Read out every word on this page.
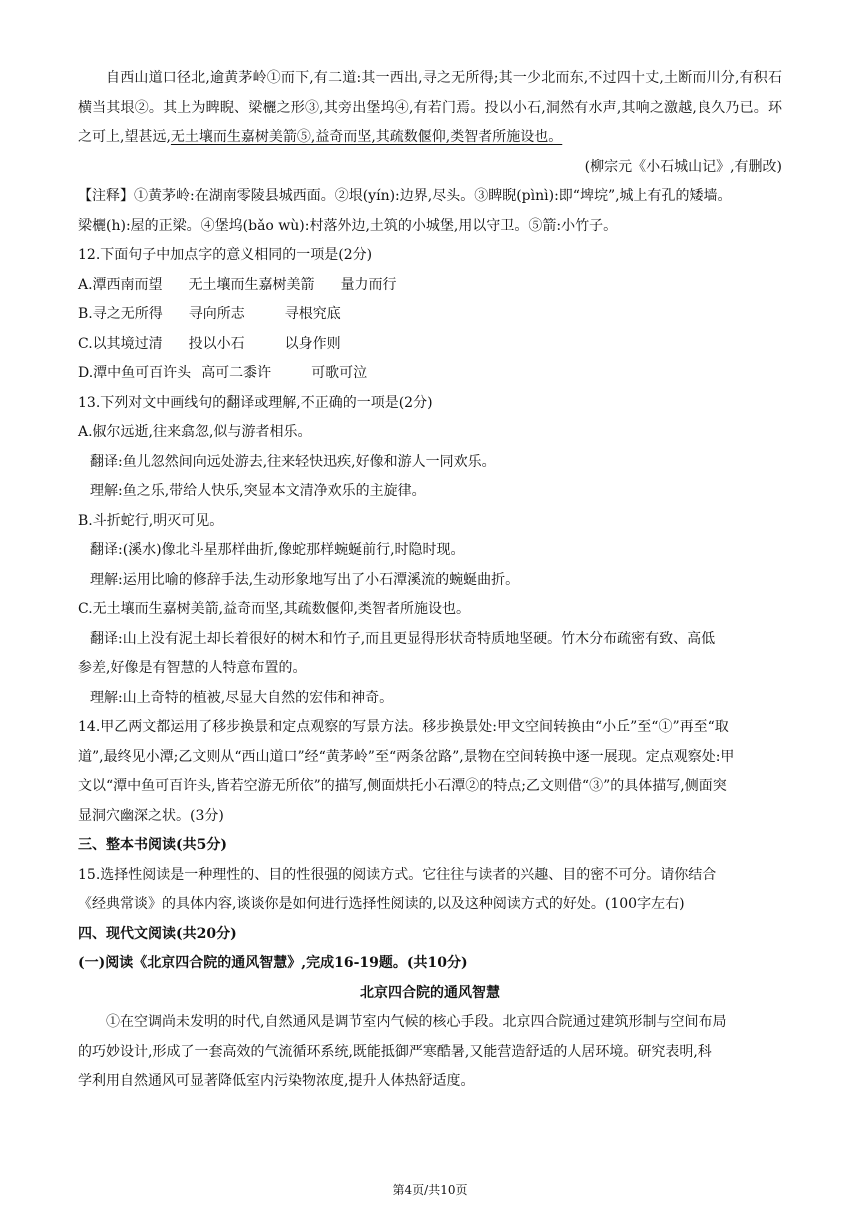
自西山道口径北,逾黄茅岭①而下,有二道:其一西出,寻之无所得;其一少北而东,不过四十丈,土断而川分,有积石横当其垠②。其上为睥睨、梁欐之形③,其旁出堡坞④,有若门焉。投以小石,洞然有水声,其响之激越,良久乃已。环之可上,望甚远,无土壤而生嘉树美箭⑤,益奇而坚,其疏数偃仰,类智者所施设也。

(柳宗元《小石城山记》,有删改)

【注释】①黄茅岭:在湖南零陵县城西面。②垠(yín):边界,尽头。③睥睨(pìnì):即“埤垸”,城上有孔的矮墙。

梁欐(h):屋的正梁。④堡坞(bǎo wù):村落外边,土筑的小城堡,用以守卫。⑤箭:小竹子。

12.下面句子中加点字的意义相同的一项是(2分)

A.潭西南而望 无土壤而生嘉树美箭 量力而行

B.寻之无所得 寻向所志	寻根究底

C.以其境过清 投以小石	以身作则

D.潭中鱼可百许头 高可二黍许	可歌可泣

13.下列对文中画线句的翻译或理解,不正确的一项是(2分)

A.俶尔远逝,往来翕忽,似与游者相乐。

翻译:鱼儿忽然间向远处游去,往来轻快迅疾,好像和游人一同欢乐。

理解:鱼之乐,带给人快乐,突显本文清净欢乐的主旋律。

B.斗折蛇行,明灭可见。

翻译:(溪水)像北斗星那样曲折,像蛇那样蜿蜒前行,时隐时现。

理解:运用比喻的修辞手法,生动形象地写出了小石潭溪流的蜿蜒曲折。

C.无土壤而生嘉树美箭,益奇而坚,其疏数偃仰,类智者所施设也。

翻译:山上没有泥土却长着很好的树木和竹子,而且更显得形状奇特质地坚硬。竹木分布疏密有致、高低

参差,好像是有智慧的人特意布置的。

理解:山上奇特的植被,尽显大自然的宏伟和神奇。

14.甲乙两文都运用了移步换景和定点观察的写景方法。移步换景处:甲文空间转换由“小丘”至“①”再至“取

道”,最终见小潭;乙文则从“西山道口”经“黄茅岭”至“两条岔路”,景物在空间转换中逐一展现。定点观察处:甲

文以“潭中鱼可百许头,皆若空游无所依”的描写,侧面烘托小石潭②的特点;乙文则借“③”的具体描写,侧面突

显洞穴幽深之状。(3分)

三、整本书阅读(共5分)

15.选择性阅读是一种理性的、目的性很强的阅读方式。它往往与读者的兴趣、目的密不可分。请你结合

《经典常谈》的具体内容,谈谈你是如何进行选择性阅读的,以及这种阅读方式的好处。(100字左右)

四、现代文阅读(共20分)

(一)阅读《北京四合院的通风智慧》,完成16-19题。(共10分)

北京四合院的通风智慧

①在空调尚未发明的时代,自然通风是调节室内气候的核心手段。北京四合院通过建筑形制与空间布局

的巧妙设计,形成了一套高效的气流循环系统,既能抵御严寒酷暑,又能营造舒适的人居环境。研究表明,科

学利用自然通风可显著降低室内污染物浓度,提升人体热舒适度。

第4页/共10页
